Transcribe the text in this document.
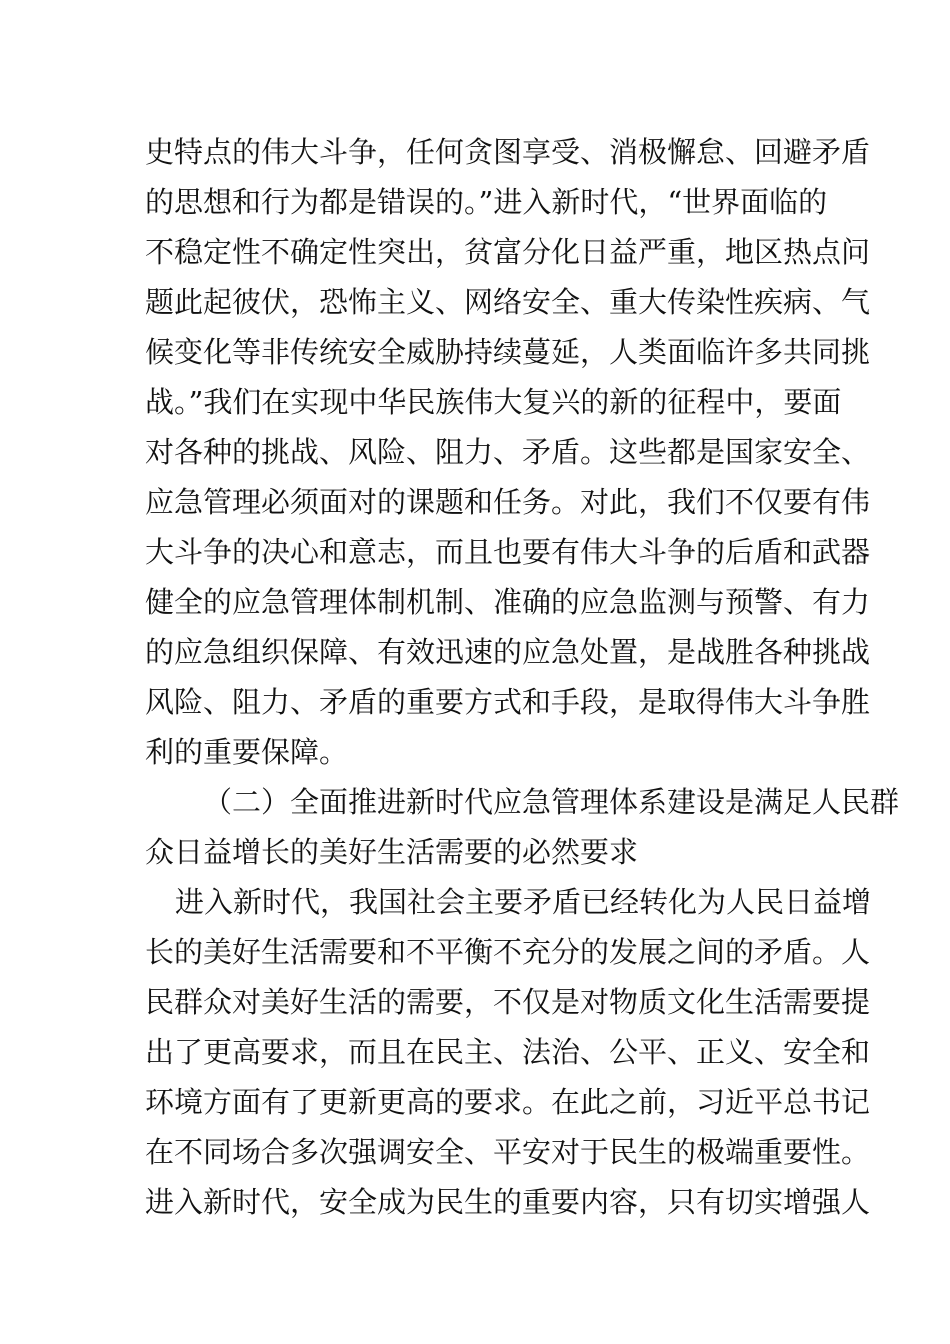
史特点的伟大斗争，任何贪图享受、消极懈怠、回避矛盾
的思想和行为都是错误的。”进入新时代，“世界面临的
不稳定性不确定性突出，贫富分化日益严重，地区热点问
题此起彼伏，恐怖主义、网络安全、重大传染性疾病、气
候变化等非传统安全威胁持续蔓延，人类面临许多共同挑
战。”我们在实现中华民族伟大复兴的新的征程中，要面
对各种的挑战、风险、阻力、矛盾。这些都是国家安全、
应急管理必须面对的课题和任务。对此，我们不仅要有伟
大斗争的决心和意志，而且也要有伟大斗争的后盾和武器
健全的应急管理体制机制、准确的应急监测与预警、有力
的应急组织保障、有效迅速的应急处置，是战胜各种挑战
风险、阻力、矛盾的重要方式和手段，是取得伟大斗争胜
利的重要保障。
（二）全面推进新时代应急管理体系建设是满足人民群
众日益增长的美好生活需要的必然要求
进入新时代，我国社会主要矛盾已经转化为人民日益增
长的美好生活需要和不平衡不充分的发展之间的矛盾。人
民群众对美好生活的需要，不仅是对物质文化生活需要提
出了更高要求，而且在民主、法治、公平、正义、安全和
环境方面有了更新更高的要求。在此之前，习近平总书记
在不同场合多次强调安全、平安对于民生的极端重要性。
进入新时代，安全成为民生的重要内容，只有切实增强人
